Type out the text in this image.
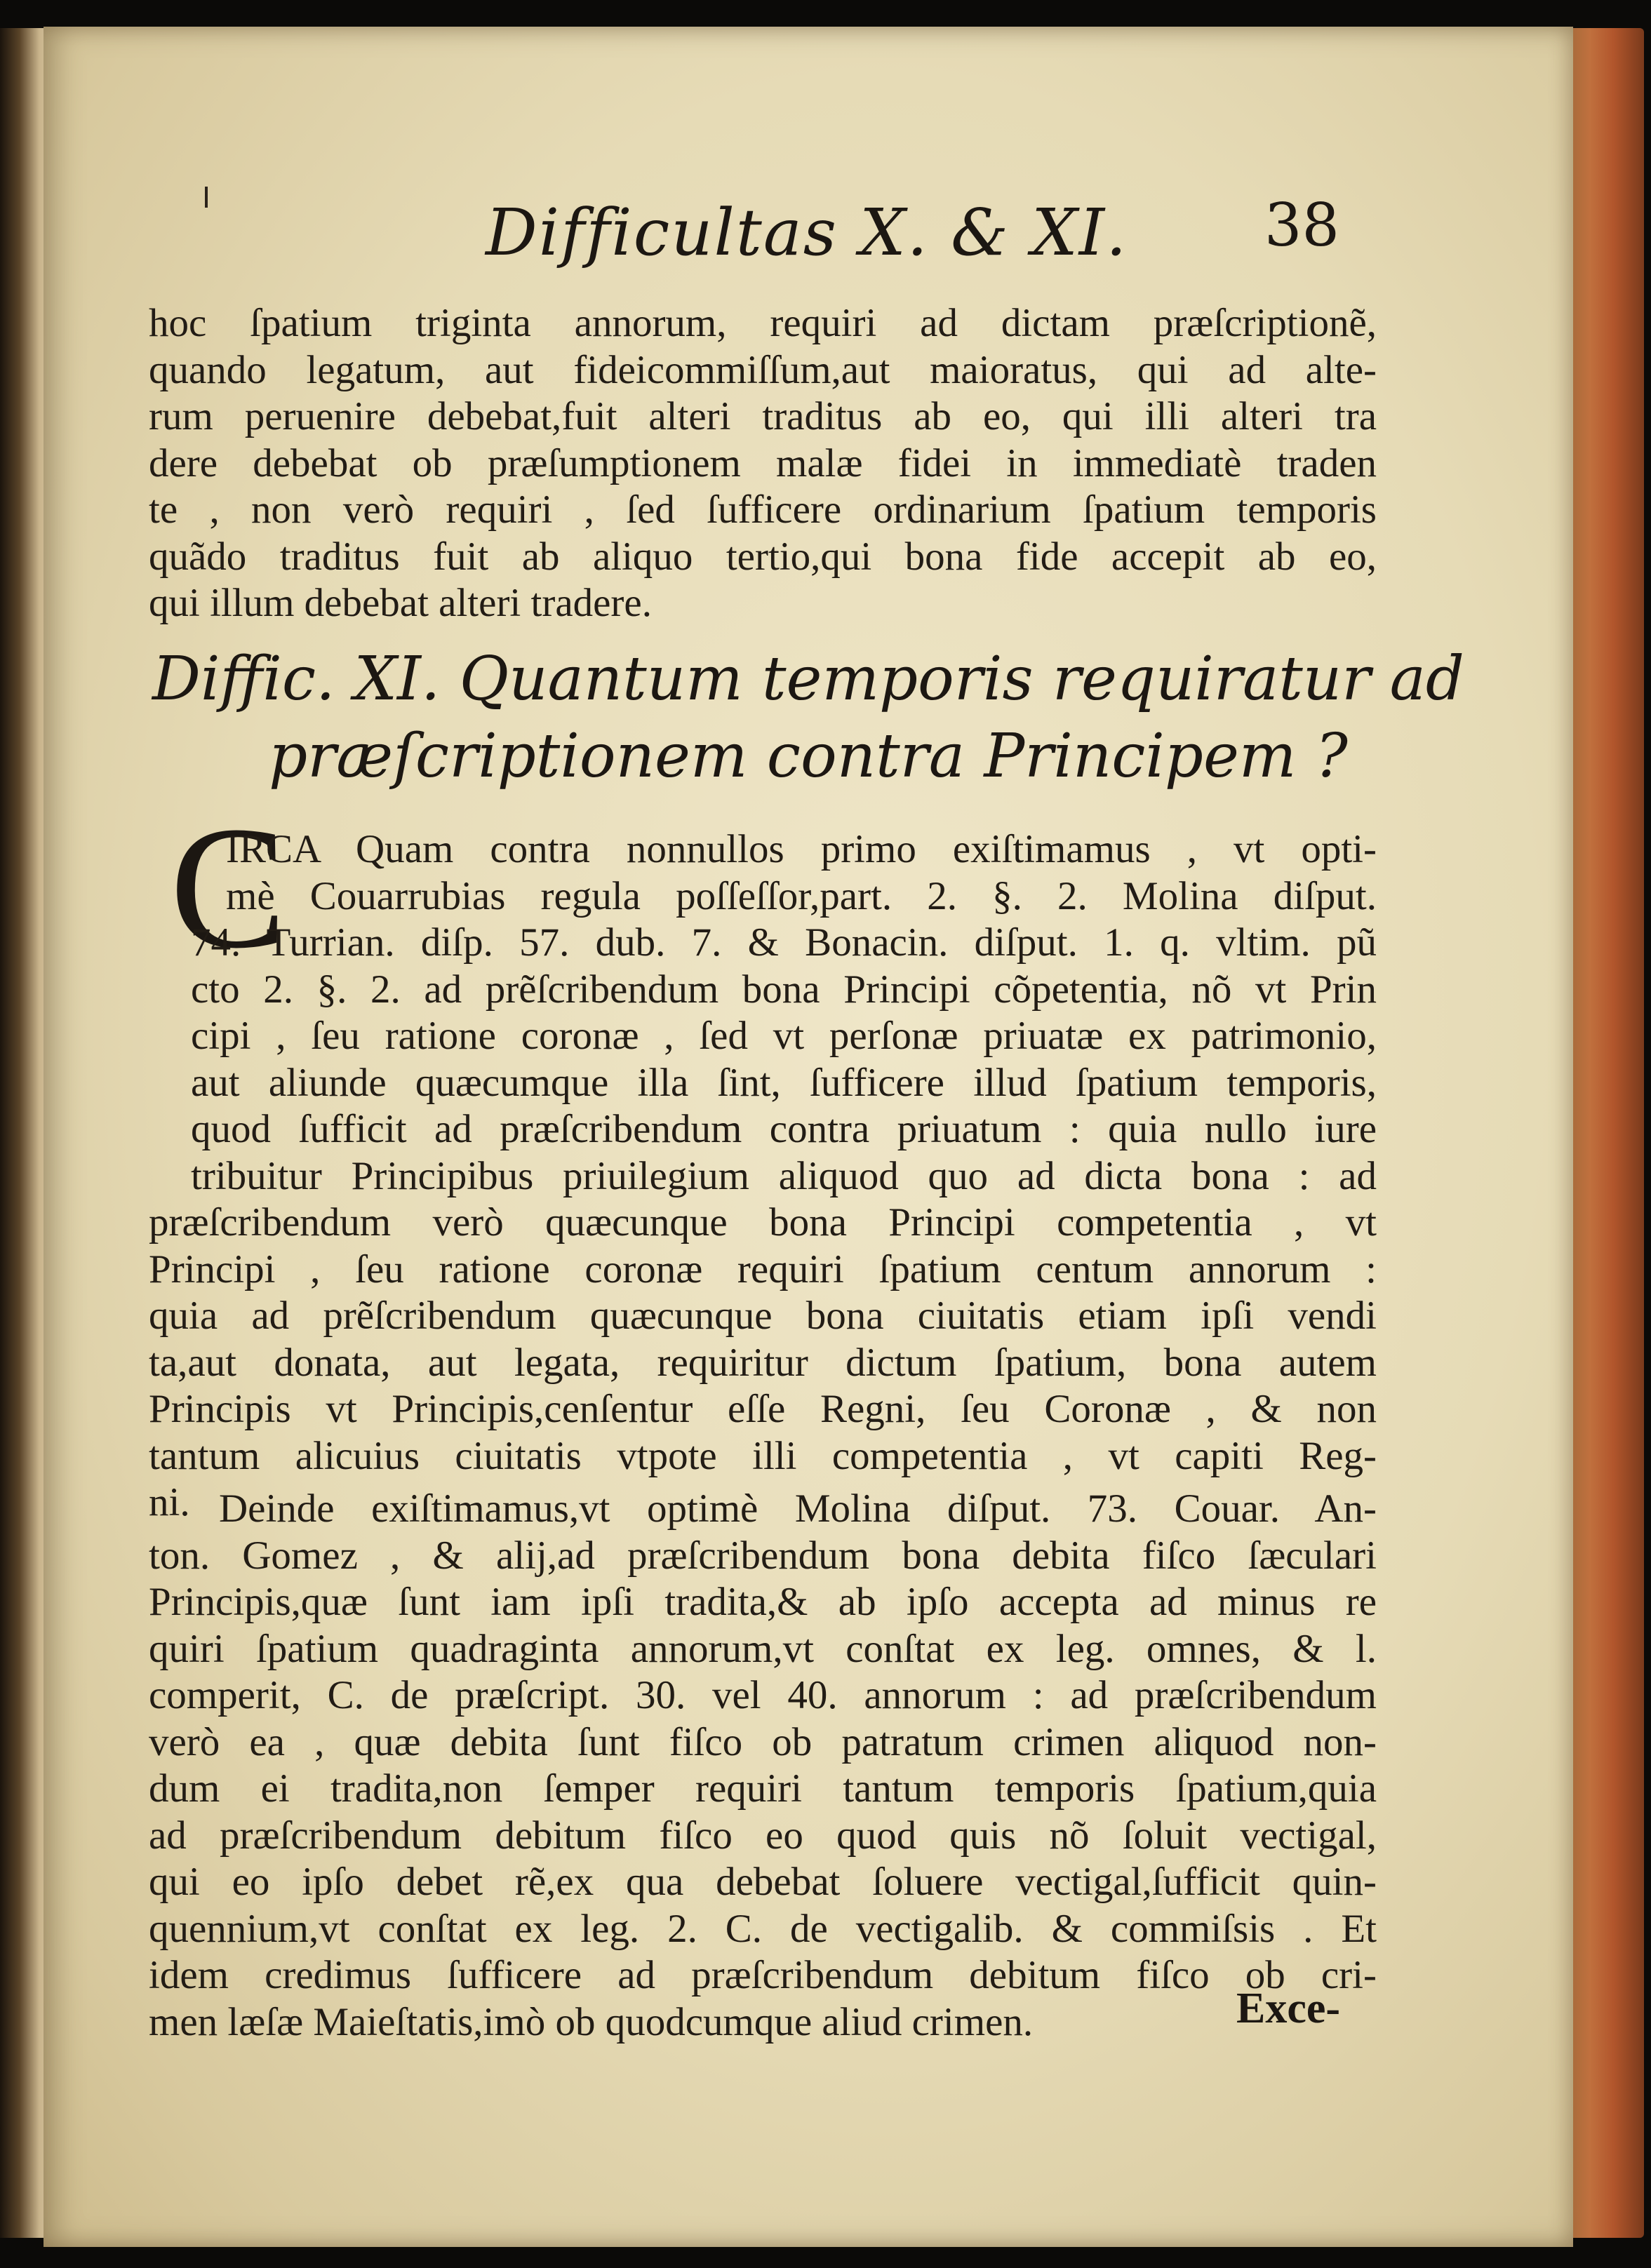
Difficultas X. & XI. 38
hoc ſpatium triginta annorum, requiri ad dictam præſcriptionẽ,
quando legatum, aut fideicommiſſum,aut maioratus, qui ad alte-
rum peruenire debebat,fuit alteri traditus ab eo, qui illi alteri tra
dere debebat ob præſumptionem malæ fidei in immediatè traden
te , non verò requiri , ſed ſufficere ordinarium ſpatium temporis
quãdo traditus fuit ab aliquo tertio,qui bona fide accepit ab eo,
qui illum debebat alteri tradere.
Diffic. XI. Quantum temporis requiratur ad
præſcriptionem contra Principem ?
C
IRCA Quam contra nonnullos primo exiſtimamus , vt opti-
mè Couarrubias regula poſſeſſor,part. 2. §. 2. Molina diſput.
74. Turrian. diſp. 57. dub. 7. & Bonacin. diſput. 1. q. vltim. pũ
cto 2. §. 2. ad prẽſcribendum bona Principi cõpetentia, nõ vt Prin
cipi , ſeu ratione coronæ , ſed vt perſonæ priuatæ ex patrimonio,
aut aliunde quæcumque illa ſint, ſufficere illud ſpatium temporis,
quod ſufficit ad præſcribendum contra priuatum : quia nullo iure
tribuitur Principibus priuilegium aliquod quo ad dicta bona : ad
præſcribendum verò quæcunque bona Principi competentia , vt
Principi , ſeu ratione coronæ requiri ſpatium centum annorum :
quia ad prẽſcribendum quæcunque bona ciuitatis etiam ipſi vendi
ta,aut donata, aut legata, requiritur dictum ſpatium, bona autem
Principis vt Principis,cenſentur eſſe Regni, ſeu Coronæ , & non
tantum alicuius ciuitatis vtpote illi competentia , vt capiti Reg-
ni. Deinde exiſtimamus,vt optimè Molina diſput. 73. Couar. An-
ton. Gomez , & alij,ad præſcribendum bona debita fiſco ſæculari
Principis,quæ ſunt iam ipſi tradita,& ab ipſo accepta ad minus re
quiri ſpatium quadraginta annorum,vt conſtat ex leg. omnes, & l.
comperit, C. de præſcript. 30. vel 40. annorum : ad præſcribendum
verò ea , quæ debita ſunt fiſco ob patratum crimen aliquod non-
dum ei tradita,non ſemper requiri tantum temporis ſpatium,quia
ad præſcribendum debitum fiſco eo quod quis nõ ſoluit vectigal,
qui eo ipſo debet rẽ,ex qua debebat ſoluere vectigal,ſufficit quin-
quennium,vt conſtat ex leg. 2. C. de vectigalib. & commiſsis . Et
idem credimus ſufficere ad præſcribendum debitum fiſco ob cri-
men læſæ Maieſtatis,imò ob quodcumque aliud crimen.	Exce-
